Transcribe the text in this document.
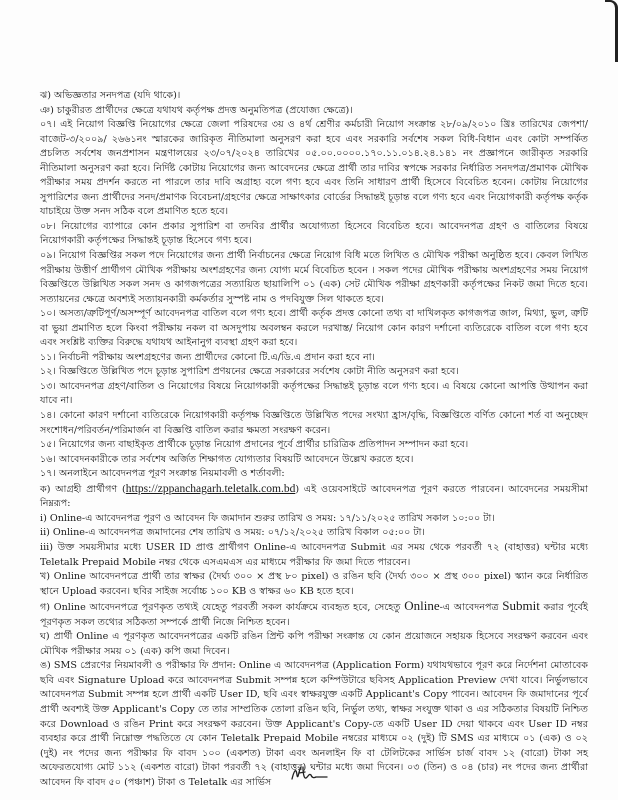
ঝ) অভিজ্ঞতার সনদপত্র (যদি থাকে)।

ঞ) চাকুরীরত প্রার্থীদের ক্ষেত্রে যথাযথ কর্তৃপক্ষ প্রদত্ত অনুমতিপত্র (প্রযোজ্য ক্ষেত্রে)।

০৭। এই নিয়োগ বিজ্ঞপ্তি নিয়োগের ক্ষেত্রে জেলা পরিষদের ৩য় ও ৪র্থ শ্রেণীর কর্মচারী নিয়োগ সংক্রান্ত ২৮/০৯/২০১০ খ্রিঃ তারিখের জেপশা/বাজেট-৩/২০০৯/ ২৬৬১নং স্মারকের জারিকৃত নীতিমালা অনুসরণ করা হবে এবং সরকারি সর্বশেষ সকল বিধি-বিধান এবং কোটা সম্পর্কিত প্রচলিত সর্বশেষ জনপ্রশাসন মন্ত্রণালয়ের ২৩/০৭/২০২৪ তারিখের ০৫.০০.০০০০.১৭০.১১.০১৪.২৪.১৪১ নং প্রজ্ঞাপনে জারীকৃত সরকারি নীতিমালা অনুসরণ করা হবে। নির্দিষ্ট কোটায় নিয়োগের জন্য আবেদনের ক্ষেত্রে প্রার্থী তার দাবির স্বপক্ষে সরকার নির্ধারিত সনদপত্র/প্রমাণক মৌখিক পরীক্ষার সময় প্রদর্শন করতে না পারলে তার দাবি অগ্রাহ্য বলে গণ্য হবে এবং তিনি সাধারণ প্রার্থী হিসেবে বিবেচিত হবেন। কোটায় নিয়োগের সুপারিশের জন্য প্রার্থীদের সনদ/প্রমাণক বিবেচনা/গ্রহণের ক্ষেত্রে সাক্ষাৎকার বোর্ডের সিদ্ধান্তই চূড়ান্ত বলে গণ্য হবে এবং নিয়োগকারী কর্তৃপক্ষ কর্তৃক যাচাইয়ে উক্ত সনদ সঠিক বলে প্রমাণিত হতে হবে।

০৮। নিয়োগের ব্যাপারে কোন প্রকার সুপারিশ বা তদবির প্রার্থীর অযোগ্যতা হিসেবে বিবেচিত হবে। আবেদনপত্র গ্রহণ ও বাতিলের বিষয়ে নিয়োগকারী কর্তৃপক্ষের সিদ্ধান্তই চূড়ান্ত হিসেবে গণ্য হবে।

০৯। নিয়োগ বিজ্ঞপ্তির সকল পদে নিয়োগের জন্য প্রার্থী নির্বাচনের ক্ষেত্রে নিয়োগ বিধি মতে লিখিত ও মৌখিক পরীক্ষা অনুষ্ঠিত হবে। কেবল লিখিত পরীক্ষায় উত্তীর্ণ প্রার্থীগণ মৌখিক পরীক্ষায় অংশগ্রহণের জন্য যোগ্য মর্মে বিবেচিত হবেন । সকল পদের মৌখিক পরীক্ষায় অংশগ্রহণের সময় নিয়োগ বিজ্ঞপ্তিতে উল্লিখিত সকল সনদ ও কাগজপত্রের সত্যায়িত ছায়ালিপি ০১ (এক) সেট মৌখিক পরীক্ষা গ্রহণকারী কর্তৃপক্ষের নিকট জমা দিতে হবে। সত্যায়নের ক্ষেত্রে অবশ্যই সত্যায়নকারী কর্মকর্তার সুস্পষ্ট নাম ও পদবিযুক্ত সিল থাকতে হবে।

১০। অসত্য/ত্রুটিপূর্ণ/অসম্পূর্ণ আবেদনপত্র বাতিল বলে গণ্য হবে। প্রার্থী কর্তৃক প্রদত্ত কোনো তথ্য বা দাখিলকৃত কাগজপত্র জাল, মিথ্যা, ভুল, ত্রুটি বা ভুয়া প্রমাণিত হলে কিংবা পরীক্ষায় নকল বা অসদুপায় অবলম্বন করলে দরখাস্ত/ নিয়োগ কোন কারণ দর্শানো ব্যতিরেকে বাতিল বলে গণ্য হবে এবং সংশ্লিষ্ট ব্যক্তির বিরুদ্ধে যথাযথ আইনানুগ ব্যবস্থা গ্রহণ করা হবে।

১১। নির্বাচনী পরীক্ষায় অংশগ্রহণের জন্য প্রার্থীদের কোনো টি.এ/ডি.এ প্রদান করা হবে না।

১২। বিজ্ঞপ্তিতে উল্লিখিত পদে চূড়ান্ত সুপারিশ প্রণয়নের ক্ষেত্রে সরকারের সর্বশেষ কোটা নীতি অনুসরণ করা হবে।

১৩। আবেদনপত্র গ্রহণ/বাতিল ও নিয়োগের বিষয়ে নিয়োগকারী কর্তৃপক্ষের সিদ্ধান্তই চূড়ান্ত বলে গণ্য হবে। এ বিষয়ে কোনো আপত্তি উত্থাপন করা যাবে না।

১৪। কোনো কারণ দর্শানো ব্যতিরেকে নিয়োগকারী কর্তৃপক্ষ বিজ্ঞপ্তিতে উল্লিখিত পদের সংখ্যা হ্রাস/বৃদ্ধি, বিজ্ঞপ্তিতে বর্ণিত কোনো শর্ত বা অনুচ্ছেদ সংশোধন/পরিবর্তন/পরিমার্জন বা বিজ্ঞপ্তি বাতিল করার ক্ষমতা সংরক্ষণ করেন।

১৫। নিয়োগের জন্য বাছাইকৃত প্রার্থীকে চূড়ান্ত নিয়োগ প্রদানের পূর্বে প্রার্থীর চারিত্রিক প্রতিপাদন সম্পাদন করা হবে।

১৬। আবেদনকারীকে তার সর্বশেষ অর্জিত শিক্ষাগত যোগ্যতার বিষয়টি আবেদনে উল্লেখ করতে হবে।

১৭। অনলাইনে আবেদনপত্র পূরণ সংক্রান্ত নিয়মাবলী ও শর্তাবলী:

ক) আগ্রহী প্রার্থীগণ (https://zppanchagarh.teletalk.com.bd) এই ওয়েবসাইটে আবেদনপত্র পূরণ করতে পারবেন। আবেদনের সময়সীমা নিম্নরূপ:

i) Online-এ আবেদনপত্র পূরণ ও আবেদন ফি জমাদান শুরুর তারিখ ও সময়: ১৭/১১/২০২৫ তারিখ সকাল ১০:০০ টা।

ii) Online-এ আবেদনপত্র জমাদানের শেষ তারিখ ও সময়: ০৭/১২/২০২৫ তারিখ বিকাল ০৫:০০ টা।

iii) উক্ত সময়সীমার মধ্যে USER ID প্রাপ্ত প্রার্থীগণ Online-এ আবেদনপত্র Submit এর সময় থেকে পরবর্তী ৭২ (বাহাত্তর) ঘন্টার মধ্যে Teletalk Prepaid Mobile নম্বর থেকে এসএমএস এর মাধ্যমে পরীক্ষার ফি জমা দিতে পারবেন।

খ) Online আবেদনপত্রে প্রার্থী তার স্বাক্ষর (দৈর্ঘ্য ৩০০ × প্রস্থ ৮০ pixel) ও রঙিন ছবি (দৈর্ঘ্য ৩০০ × প্রস্থ ৩০০ pixel) স্ক্যান করে নির্ধারিত স্থানে Upload করবেন। ছবির সাইজ সর্বোচ্চ ১০০ KB ও স্বাক্ষর ৬০ KB হতে হবে।

গ) Online আবেদনপত্রে পূরণকৃত তথ্যই যেহেতু পরবর্তী সকল কার্যক্রমে ব্যবহৃত হবে, সেহেতু Online-এ আবেদনপত্র Submit করার পূর্বেই পূরণকৃত সকল তথ্যের সঠিকতা সম্পর্কে প্রার্থী নিজে নিশ্চিত হবেন।

ঘ) প্রার্থী Online এ পূরণকৃত আবেদনপত্রের একটি রঙিন প্রিন্ট কপি পরীক্ষা সংক্রান্ত যে কোন প্রয়োজনে সহায়ক হিসেবে সংরক্ষণ করবেন এবং মৌখিক পরীক্ষার সময় ০১ (এক) কপি জমা দিবেন।

ঙ) SMS প্রেরণের নিয়মাবলী ও পরীক্ষার ফি প্রদান: Online এ আবেদনপত্র (Application Form) যথাযথভাবে পূরণ করে নির্দেশনা মোতাবেক ছবি এবং Signature Upload করে আবেদনপত্র Submit সম্পন্ন হলে কম্পিউটারে ছবিসহ Application Preview দেখা যাবে। নির্ভুলভাবে আবেদনপত্র Submit সম্পন্ন হলে প্রার্থী একটি User ID, ছবি এবং স্বাক্ষরযুক্ত একটি Applicant's Copy পাবেন। আবেদন ফি জমাদানের পূর্বে প্রার্থী অবশ্যই উক্ত Applicant's Copy তে তার সাম্প্রতিক তোলা রঙিন ছবি, নির্ভুল তথ্য, স্বাক্ষর সংযুক্ত থাকা ও এর সঠিকতার বিষয়টি নিশ্চিত করে Download ও রঙিন Print করে সংরক্ষণ করবেন। উক্ত Applicant's Copy-তে একটি User ID দেয়া থাকবে এবং User ID নম্বর ব্যবহার করে প্রার্থী নিম্নোক্ত পদ্ধতিতে যে কোন Teletalk Prepaid Mobile নম্বরের মাধ্যমে ০২ (দুই) টি SMS এর মাধ্যমে ০১ (এক) ও ০২ (দুই) নং পদের জন্য পরীক্ষার ফি বাবদ ১০০ (একশত) টাকা এবং অনলাইন ফি বা টেলিটকের সার্ভিস চার্জ বাবদ ১২ (বারো) টাকা সহ অফেরতযোগ্য মোট ১১২ (একশত বারো) টাকা পরবর্তী ৭২ (বাহাত্তর) ঘন্টার মধ্যে জমা দিবেন। ০৩ (তিন) ও ০৪ (চার) নং পদের জন্য প্রার্থীরা আবেদন ফি বাবদ ৫০ (পঞ্চাশ) টাকা ও Teletalk এর সার্ভিস
